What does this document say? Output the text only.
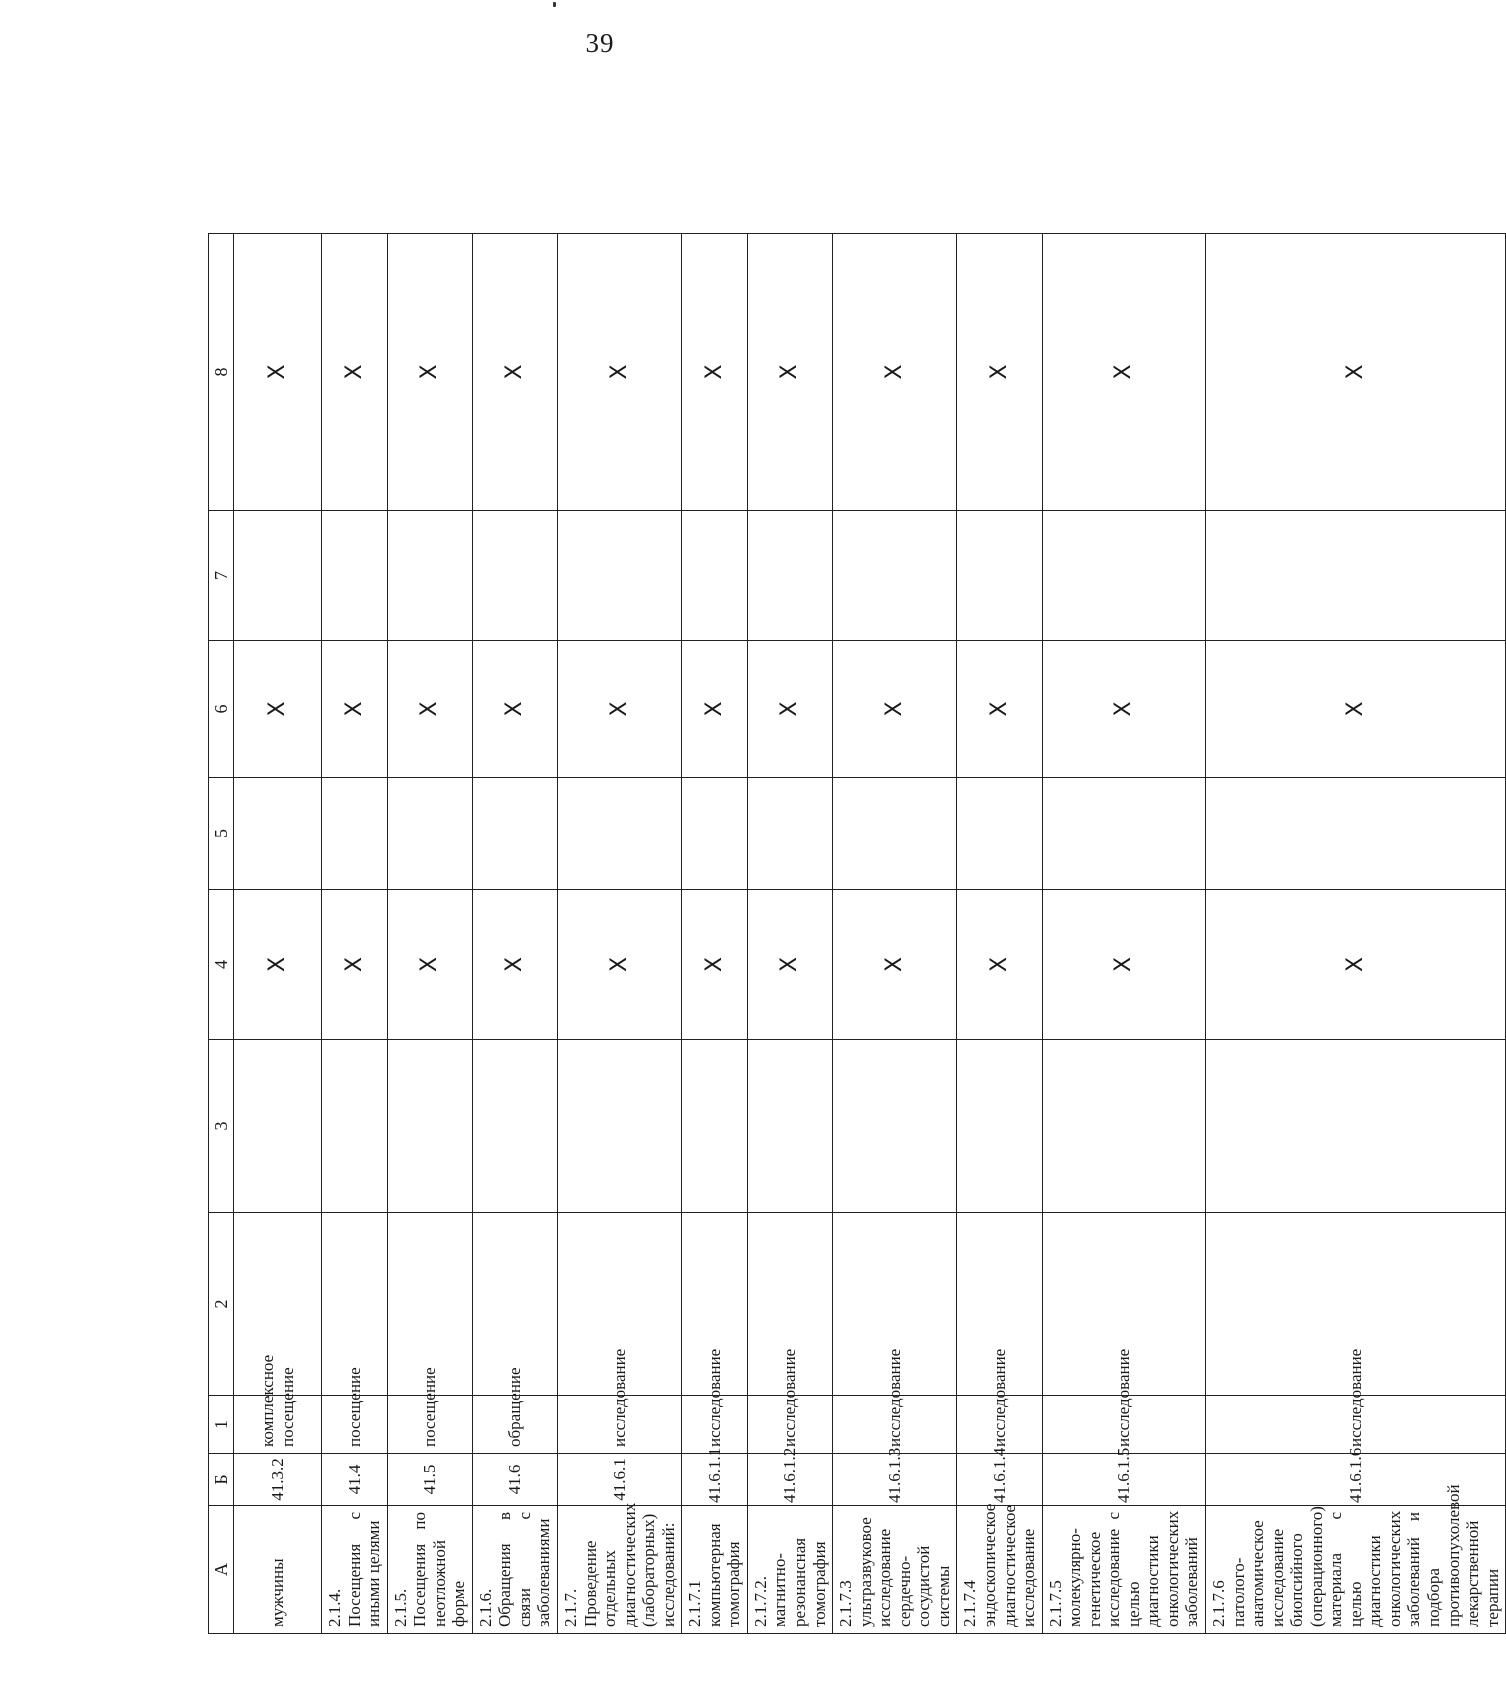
39
А	Б	1	2	3	4	5	6	7	8
мужчины	41.3.2	комплексное посещение			X		X		X
2.1.4. Посещения с иными целями	41.4	посещение			X		X		X
2.1.5. Посещения по неотложной форме	41.5	посещение			X		X		X
2.1.6. Обращения в связи с заболеваниями	41.6	обращение			X		X		X
2.1.7. Проведение отдельных диагностических (лабораторных) исследований:	41.6.1	исследование			X		X		X
2.1.7.1 компьютерная томография	41.6.1.1	исследование			X		X		X
2.1.7.2. магнитно-резонансная томография	41.6.1.2	исследование			X		X		X
2.1.7.3 ультразвуковое исследование сердечно-сосудистой системы	41.6.1.3	исследование			X		X		X
2.1.7.4 эндоскопическое диагностическое исследование	41.6.1.4	исследование			X		X		X
2.1.7.5 молекулярно-генетическое исследование с целью диагностики онкологических заболеваний	41.6.1.5	исследование			X		X		X
2.1.7.6 патолого-анатомическое исследование биопсийного (операционного) материала с целью диагностики онкологических заболеваний и подбора противоопухолевой лекарственной терапии	41.6.1.6	исследование			X		X		X
